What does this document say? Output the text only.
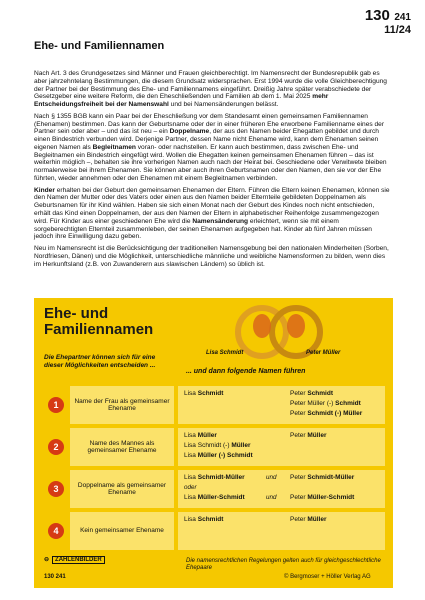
130 241
11/24
Ehe- und Familiennamen

Nach Art. 3 des Grundgesetzes sind Männer und Frauen gleichberechtigt. Im Namensrecht der Bundesrepublik gab es aber jahrzehntelang Bestimmungen, die diesem Grundsatz widersprachen. Erst 1994 wurde die volle Gleichberechtigung der Partner bei der Bestimmung des Ehe- und Familiennamens eingeführt. Dreißig Jahre später verabschiedete der Gesetzgeber eine weitere Reform, die den Eheschließenden und Familien ab dem 1. Mai 2025 mehr Entscheidungsfreiheit bei der Namenswahl und bei Namensänderungen belässt.

Nach § 1355 BGB kann ein Paar bei der Eheschließung vor dem Standesamt einen gemeinsamen Familiennamen (Ehenamen) bestimmen. Das kann der Geburtsname oder der in einer früheren Ehe erworbene Familienname eines der Partner sein oder aber – und das ist neu – ein Doppelname, der aus den Namen beider Ehegatten gebildet und durch einen Bindestrich verbunden wird. Derjenige Partner, dessen Name nicht Ehename wird, kann dem Ehenamen seinen eigenen Namen als Begleitnamen voran- oder nachstellen. Er kann auch bestimmen, dass zwischen Ehe- und Begleitnamen ein Bindestrich eingefügt wird. Wollen die Ehegatten keinen gemeinsamen Ehenamen führen – das ist weiterhin möglich –, behalten sie ihre vorherigen Namen auch nach der Heirat bei. Geschiedene oder Verwitwete bleiben normalerweise bei ihrem Ehenamen. Sie können aber auch ihren Geburtsnamen oder den Namen, den sie vor der Ehe führten, wieder annehmen oder den Ehenamen mit einem Begleitnamen verbinden.

Kinder erhalten bei der Geburt den gemeinsamen Ehenamen der Eltern. Führen die Eltern keinen Ehenamen, können sie den Namen der Mutter oder des Vaters oder einen aus den Namen beider Elternteile gebildeten Doppelnamen als Geburtsnamen für ihr Kind wählen. Haben sie sich einen Monat nach der Geburt des Kindes noch nicht entschieden, erhält das Kind einen Doppelnamen, der aus den Namen der Eltern in alphabetischer Reihenfolge zusammengezogen wird. Für Kinder aus einer geschiedenen Ehe wird die Namensänderung erleichtert, wenn sie mit einem sorgeberechtigten Elternteil zusammenleben, der seinen Ehenamen aufgegeben hat. Kinder ab fünf Jahren müssen jedoch ihre Einwilligung dazu geben.

Neu im Namensrecht ist die Berücksichtigung der traditionellen Namensgebung bei den nationalen Minderheiten (Sorben, Nordfriesen, Dänen) und die Möglichkeit, unterschiedliche männliche und weibliche Namensformen zu bilden, wenn dies im Herkunftsland (z.B. von Zuwanderern aus slawischen Ländern) so üblich ist.

Ehe- und
Familiennamen
Lisa Schmidt	Peter Müller
Die Ehepartner können sich für eine dieser Möglichkeiten entscheiden ...
... und dann folgende Namen führen
1	Name der Frau als gemeinsamer Ehename
Lisa Schmidt	Peter Schmidt
Peter Müller (-) Schmidt
Peter Schmidt (-) Müller
2	Name des Mannes als gemeinsamer Ehename
Lisa Müller
Lisa Schmidt (-) Müller
Lisa Müller (-) Schmidt
Peter Müller
3	Doppelname als gemeinsamer Ehename
Lisa Schmidt-Müller	und Peter Schmidt-Müller
oder
Lisa Müller-Schmidt	und Peter Müller-Schmidt
4	Kein gemeinsamer Ehename
Lisa Schmidt	Peter Müller
⊖ ZAHLENBILDER	Die namensrechtlichen Regelungen gelten auch für gleichgeschlechtliche Ehepaare
130 241	© Bergmoser + Höller Verlag AG
